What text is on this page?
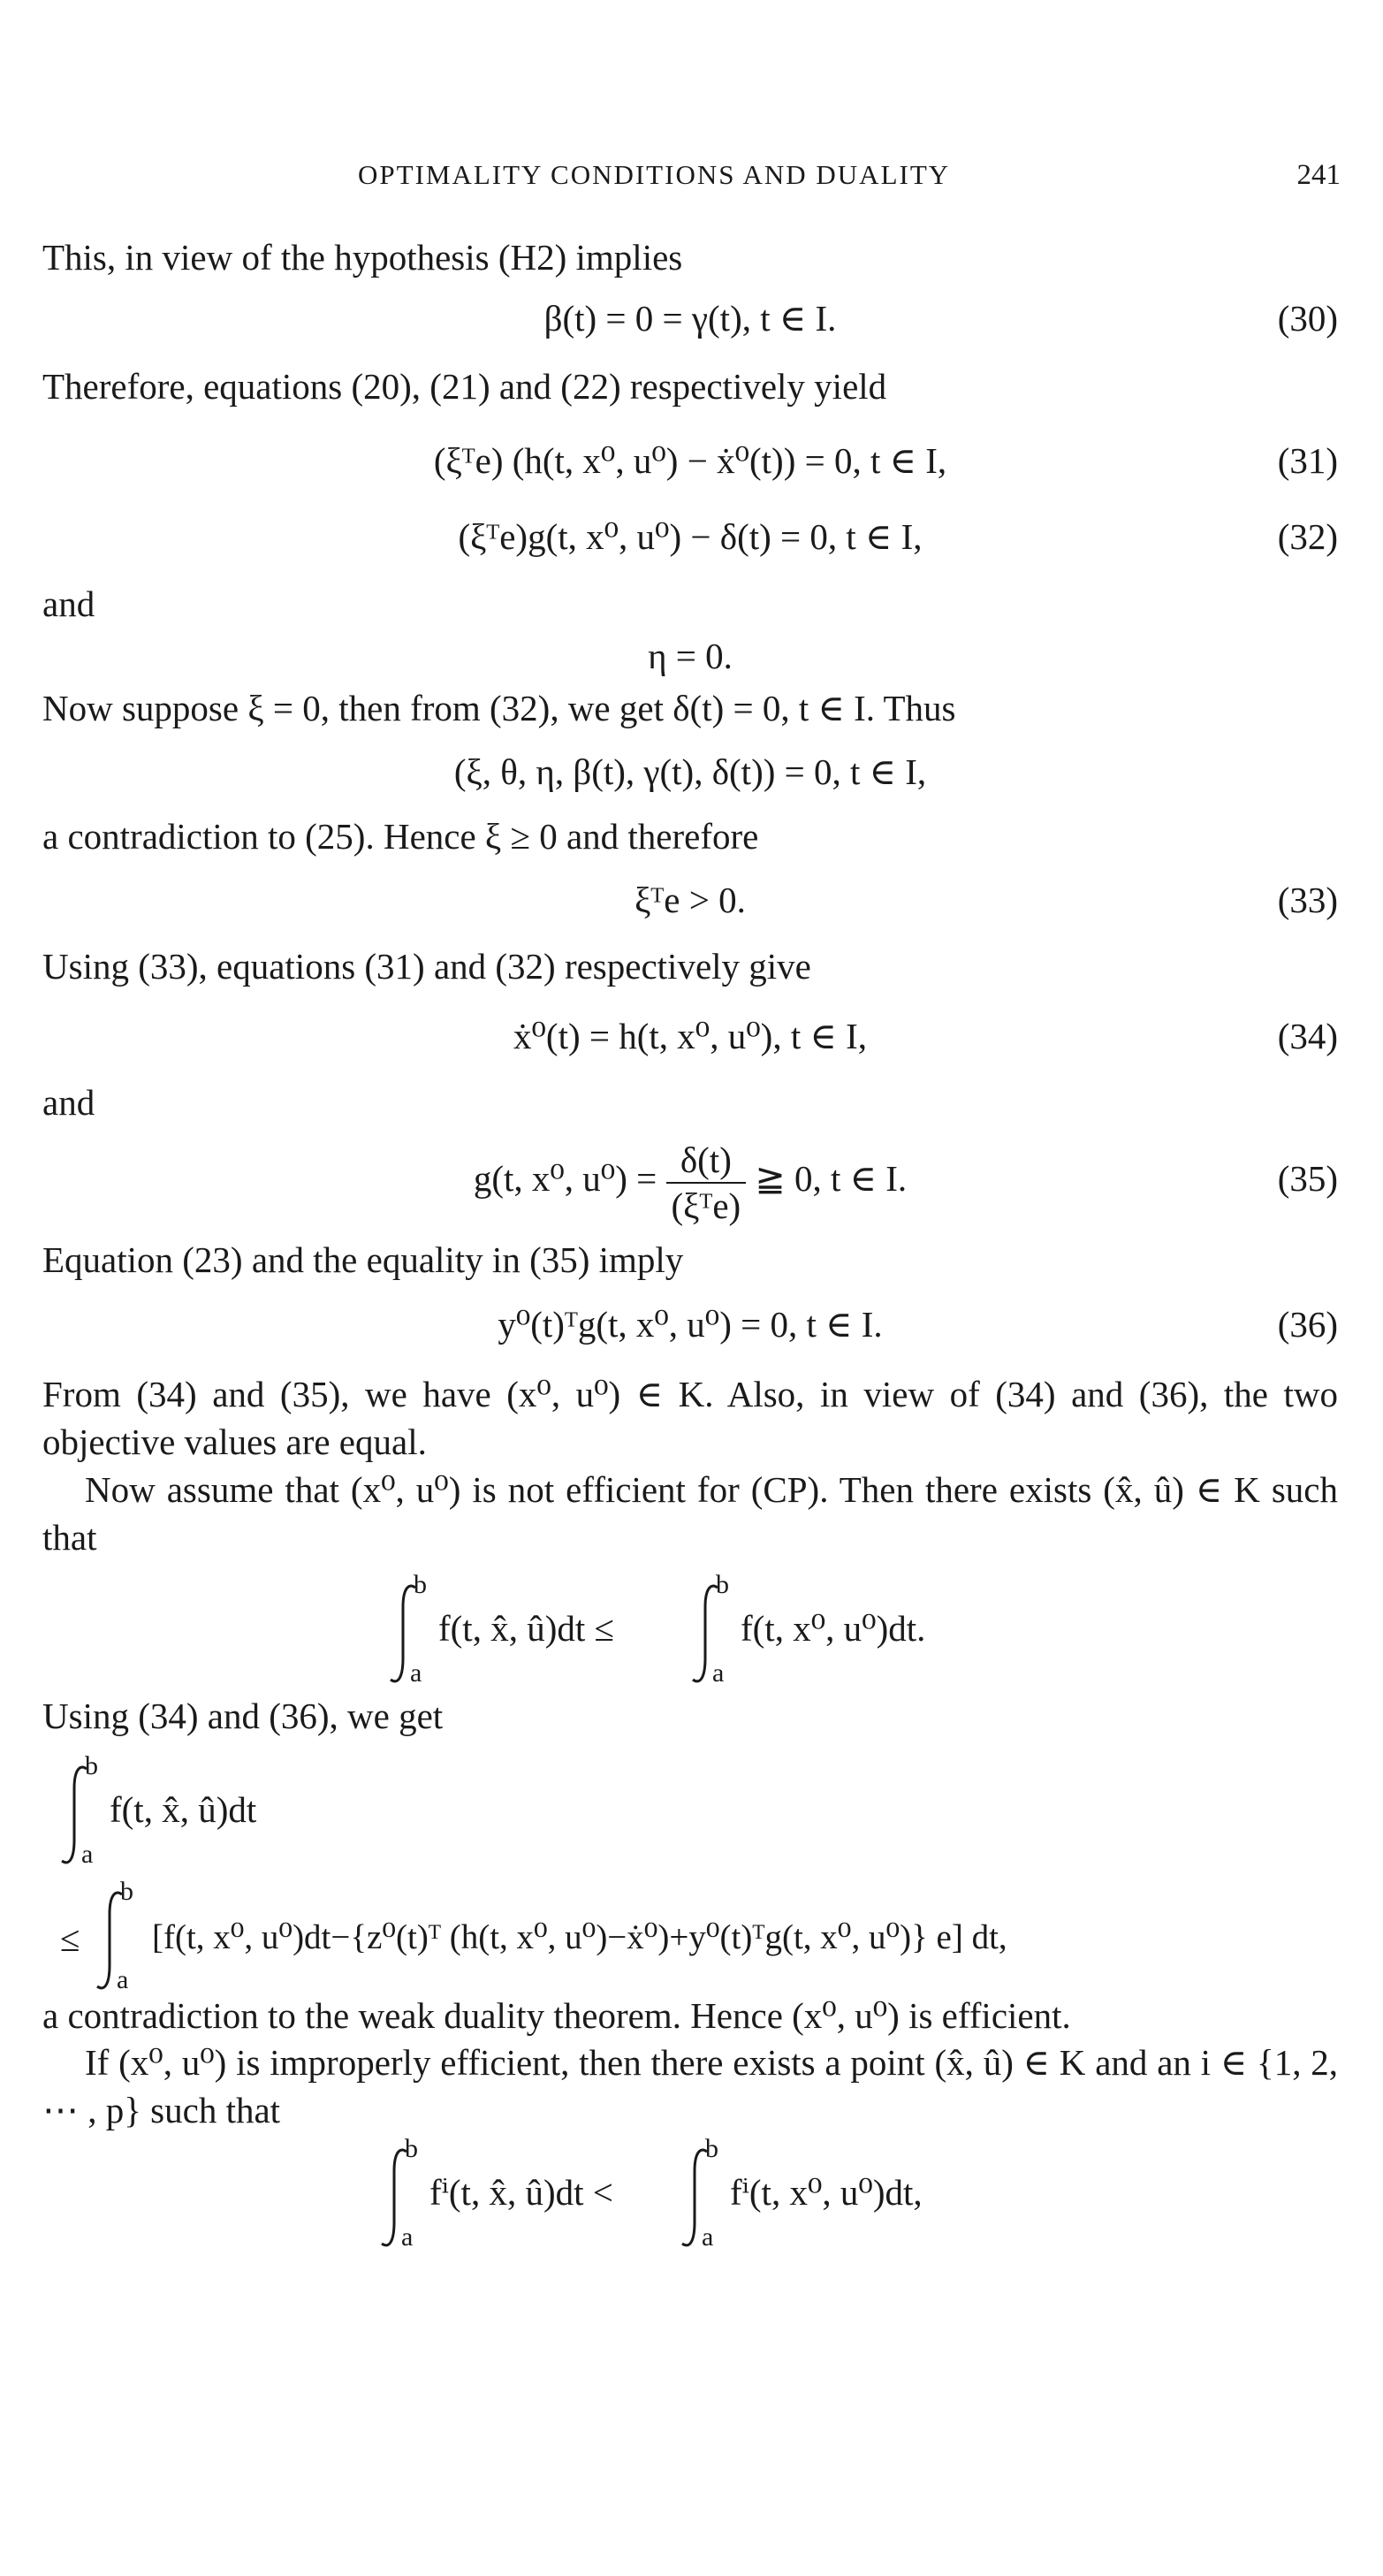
OPTIMALITY CONDITIONS AND DUALITY	241
This, in view of the hypothesis (H2) implies
β(t) = 0 = γ(t), t ∈ I.	(30)
Therefore, equations (20), (21) and (22) respectively yield
(ξᵀe) (h(t, x⁰, u⁰) − ẋ⁰(t)) = 0, t ∈ I,	(31)
(ξᵀe)g(t, x⁰, u⁰) − δ(t) = 0, t ∈ I,	(32)
and
η = 0.
Now suppose ξ = 0, then from (32), we get δ(t) = 0, t ∈ I. Thus
(ξ, θ, η, β(t), γ(t), δ(t)) = 0, t ∈ I,
a contradiction to (25). Hence ξ ≥ 0 and therefore
ξᵀe > 0.	(33)
Using (33), equations (31) and (32) respectively give
ẋ⁰(t) = h(t, x⁰, u⁰), t ∈ I,	(34)
and
g(t, x⁰, $u^0) = \frac{\delta(t)}{\text{(ξᵀe)}}$ ≧ 0, t ∈ I.	(35)
Equation (23) and the equality in (35) imply
y⁰(t)ᵀg(t, x⁰, u⁰) = 0, t ∈ I.	(36)
From (34) and (35), we have (x⁰, u⁰) ∈ K. Also, in view of (34) and (36), the two objective values are equal.
Now assume that (x⁰, u⁰) is not efficient for (CP). Then there exists (x̂, û) ∈ K such that
b
a
f(t, x̂, û)dt ≤
b
a
f(t, x⁰, u⁰)dt.
Using (34) and (36), we get
b
a
f(t, x̂, û)dt
≤
b
a
[f(t, x⁰, u⁰)dt−{z⁰(t)ᵀ (h(t, x⁰, u⁰)−ẋ⁰)+y⁰(t)ᵀg(t, x⁰, u⁰)} e] dt,
a contradiction to the weak duality theorem. Hence (x⁰, u⁰) is efficient.
If (x⁰, u⁰) is improperly efficient, then there exists a point (x̂, û) ∈ K and an i ∈ {1, 2, ⋯ , p} such that
b
a
fⁱ(t, x̂, û)dt <
b
a
fⁱ(t, x⁰, u⁰)dt,
